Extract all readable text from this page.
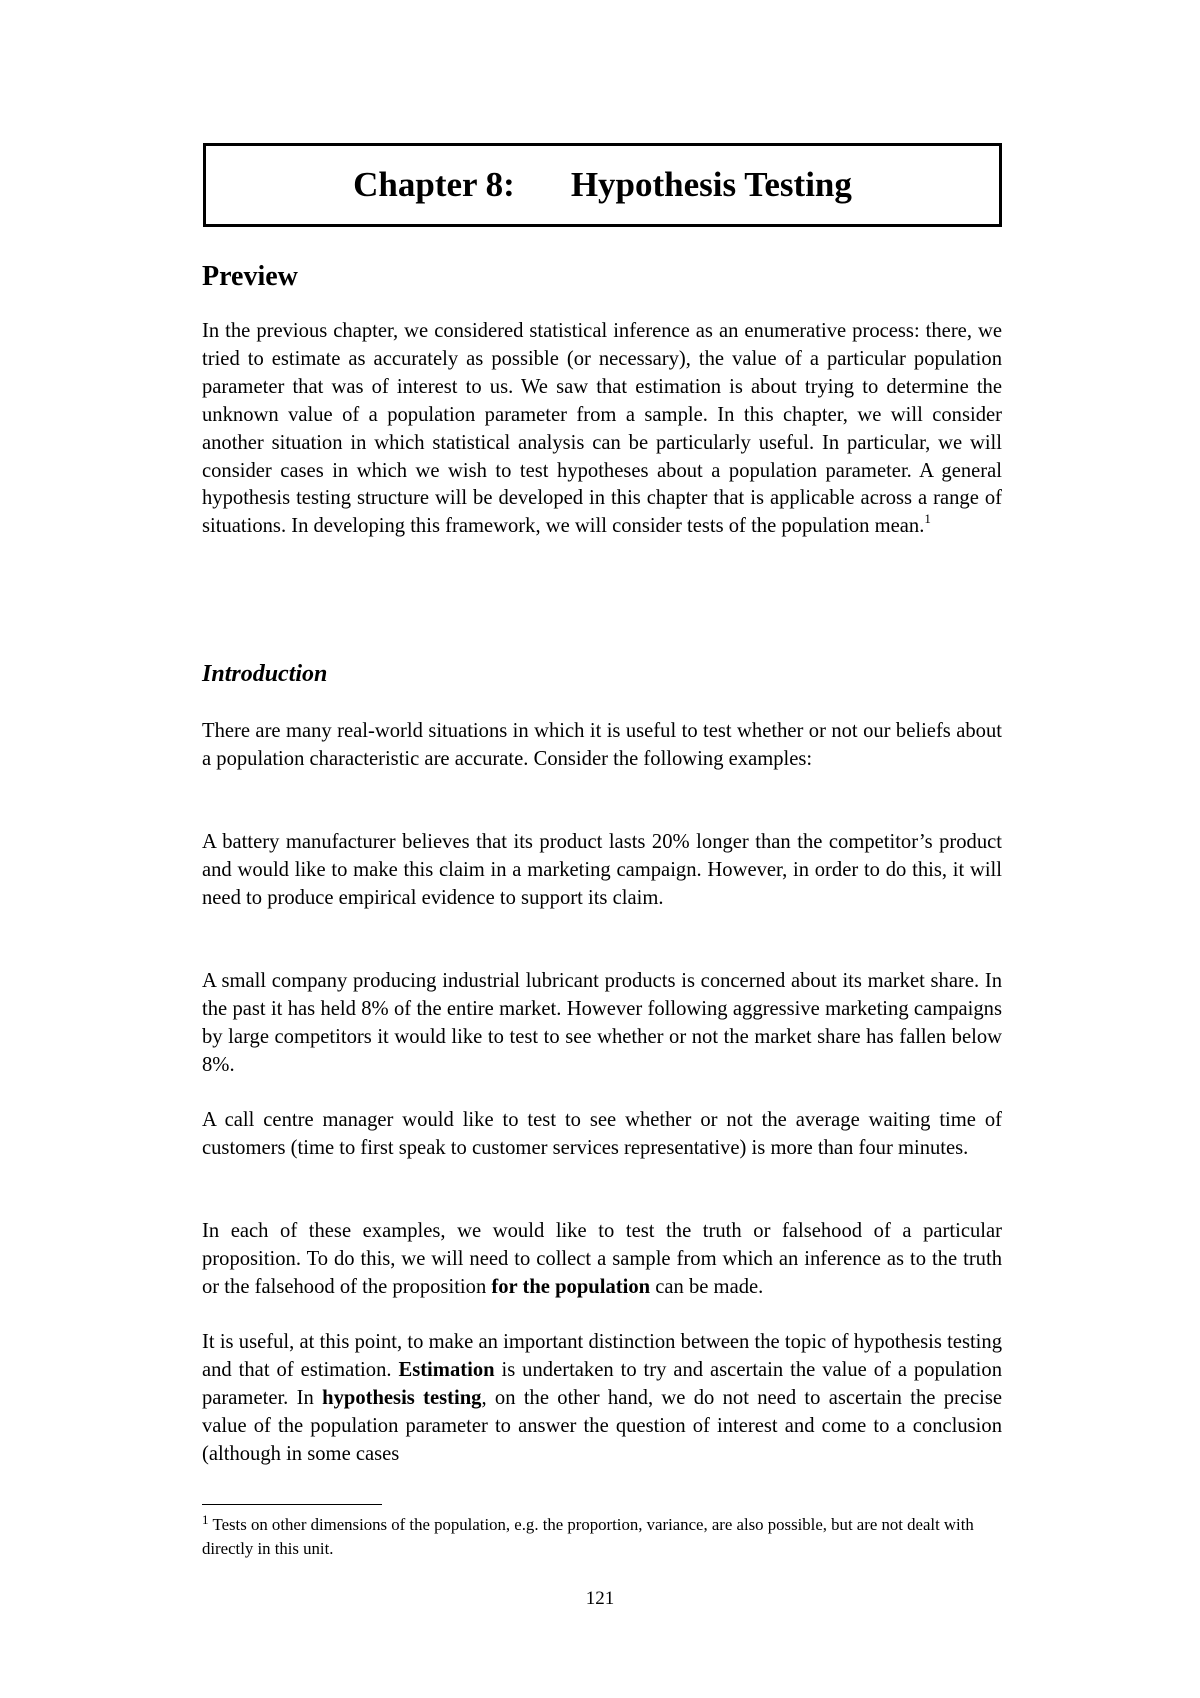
Chapter 8: Hypothesis Testing
Preview

In the previous chapter, we considered statistical inference as an enumerative process: there, we tried to estimate as accurately as possible (or necessary), the value of a particular population parameter that was of interest to us. We saw that estimation is about trying to determine the unknown value of a population parameter from a sample. In this chapter, we will consider another situation in which statistical analysis can be particularly useful. In particular, we will consider cases in which we wish to test hypotheses about a population parameter. A general hypothesis testing structure will be developed in this chapter that is applicable across a range of situations. In developing this framework, we will consider tests of the population mean.$^1$

Introduction

There are many real-world situations in which it is useful to test whether or not our beliefs about a population characteristic are accurate. Consider the following examples:

A battery manufacturer believes that its product lasts 20% longer than the competitor’s product and would like to make this claim in a marketing campaign. However, in order to do this, it will need to produce empirical evidence to support its claim.

A small company producing industrial lubricant products is concerned about its market share. In the past it has held 8% of the entire market. However following aggressive marketing campaigns by large competitors it would like to test to see whether or not the market share has fallen below 8%.

A call centre manager would like to test to see whether or not the average waiting time of customers (time to first speak to customer services representative) is more than four minutes.

In each of these examples, we would like to test the truth or falsehood of a particular proposition. To do this, we will need to collect a sample from which an inference as to the truth or the falsehood of the proposition for the population can be made.

It is useful, at this point, to make an important distinction between the topic of hypothesis testing and that of estimation. Estimation is undertaken to try and ascertain the value of a population parameter. In hypothesis testing, on the other hand, we do not need to ascertain the precise value of the population parameter to answer the question of interest and come to a conclusion (although in some cases

$^1$ Tests on other dimensions of the population, e.g. the proportion, variance, are also possible, but are not dealt with directly in this unit.

121
